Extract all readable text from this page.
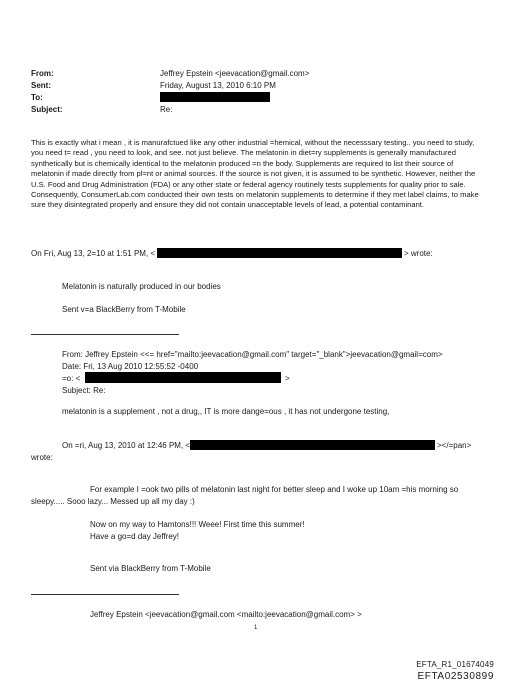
From:	Jeffrey Epstein <jeevacation@gmail.com>
Sent:	Friday, August 13, 2010 6:10 PM
To:
Subject:	Re:
This is exactly what i mean , it is manurafctued like any other industrial =hemical, without the necesssary testing.. you need to study, you need t= read , you need to look, and see. not just believe. The melatonin in diet=ry supplements is generally manufactured synthetically but is chemically identical to the melatonin produced =n the body. Supplements are required to list their source of melatonin if made directly from pl=nt or animal sources. If the source is not given, it is assumed to be synthetic. However, neither the U.S. Food and Drug Administration (FDA) or any other state or federal agency routinely tests supplements for quality prior to sale. Consequently, ConsumerLab.com conducted their own tests on melatonin supplements to determine if they met label claims, to make sure they disintegrated properly and ensure they did not contain unacceptable levels of lead, a potential contaminant.
On Fri, Aug 13, 2=10 at 1:51 PM, <	> wrote:
Melatonin is naturally produced in our bodies
Sent v=a BlackBerry from T-Mobile
From: Jeffrey Epstein <<= href="mailto:jeevacation@gmail.com" target="_blank">jeevacation@gmail=com>
Date: Fri, 13 Aug 2010 12:55:52 -0400
=o: <	>
Subject: Re:
melatonin is a supplement , not a drug,, IT is more dange=ous , it has not undergone testing,
On =ri, Aug 13, 2010 at 12:46 PM, <	></=pan>
wrote:
For example I =ook two pills of melatonin last night for better sleep and I woke up 10am =his morning so
sleepy..... Sooo lazy... Messed up all my day :)
Now on my way to Hamtons!!! Weee! First time this summer!
Have a go=d day Jeffrey!
Sent via BlackBerry from T-Mobile
Jeffrey Epstein <jeevacation@gmail.com <mailto:jeevacation@gmail.com> >
1
EFTA_R1_01674049
EFTA02530899
